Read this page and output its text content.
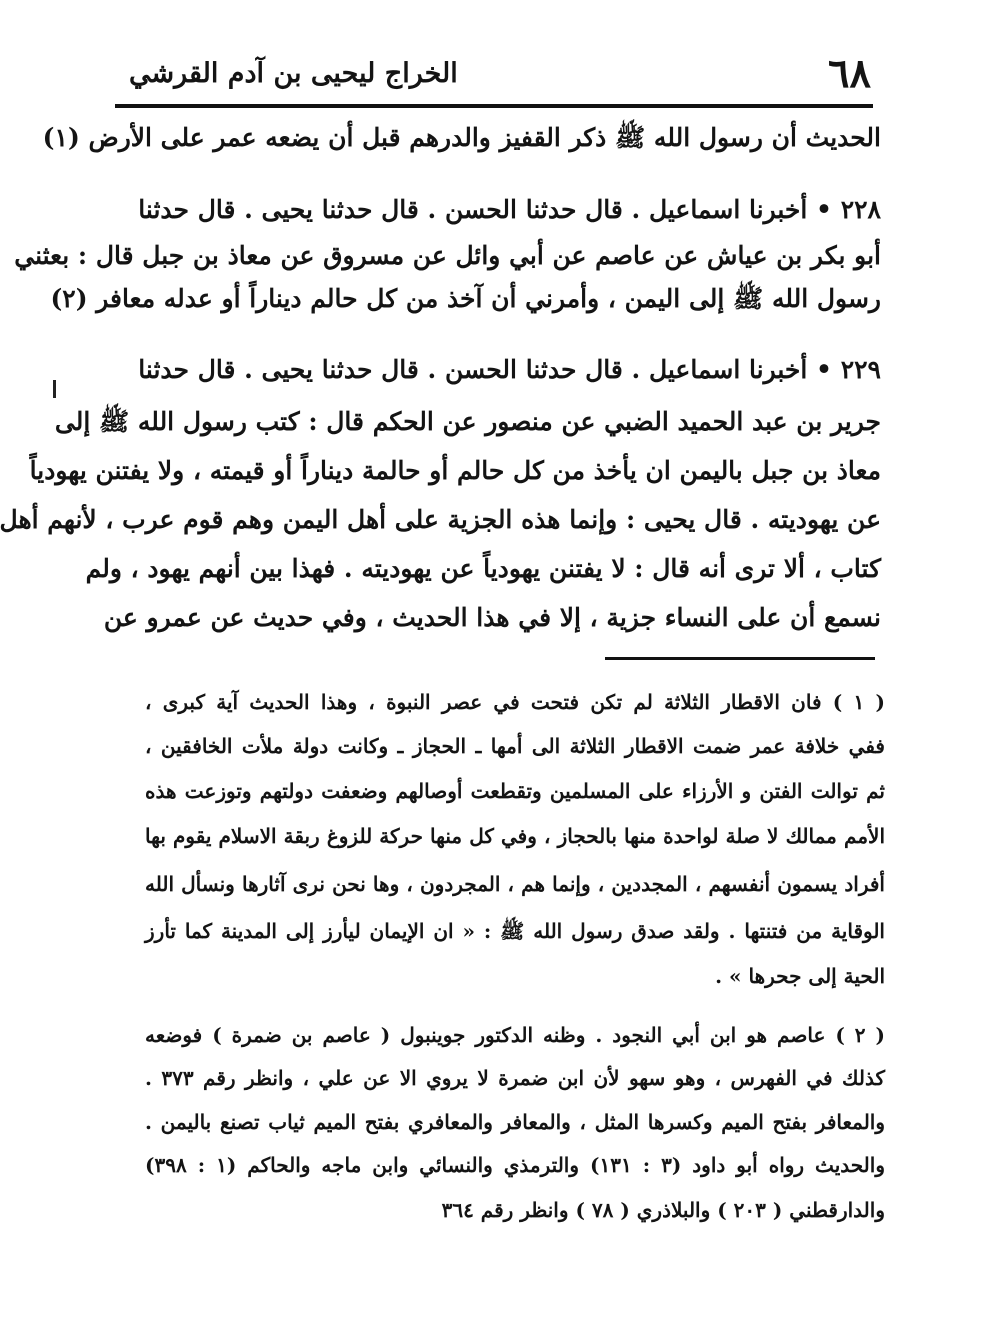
٦٨
الخراج ليحيى بن آدم القرشي
الحديث أن رسول الله ﷺ ذكر القفيز والدرهم قبل أن يضعه عمر على الأرض (١)
٢٢٨ • أخبرنا اسماعيل . قال حدثنا الحسن . قال حدثنا يحيى . قال حدثنا
أبو بكر بن عياش عن عاصم عن أبي وائل عن مسروق عن معاذ بن جبل قال : بعثني
رسول الله ﷺ إلى اليمن ، وأمرني أن آخذ من كل حالم ديناراً أو عدله معافر (٢)
٢٢٩ • أخبرنا اسماعيل . قال حدثنا الحسن . قال حدثنا يحيى . قال حدثنا
جرير بن عبد الحميد الضبي عن منصور عن الحكم قال : كتب رسول الله ﷺ إلى
معاذ بن جبل باليمن ان يأخذ من كل حالم أو حالمة ديناراً أو قيمته ، ولا يفتنن يهودياً
عن يهوديته . قال يحيى : وإنما هذه الجزية على أهل اليمن وهم قوم عرب ، لأنهم أهل
كتاب ، ألا ترى أنه قال : لا يفتنن يهودياً عن يهوديته . فهذا بين أنهم يهود ، ولم
نسمع أن على النساء جزية ، إلا في هذا الحديث ، وفي حديث عن عمرو عن
( ١ ) فان الاقطار الثلاثة لم تكن فتحت في عصر النبوة ، وهذا الحديث آية كبرى ،
ففي خلافة عمر ضمت الاقطار الثلاثة الى أمها ـ الحجاز ـ وكانت دولة ملأت الخافقين ،
ثم توالت الفتن و الأرزاء على المسلمين وتقطعت أوصالهم وضعفت دولتهم وتوزعت هذه
الأمم ممالك لا صلة لواحدة منها بالحجاز ، وفي كل منها حركة للزوغ ربقة الاسلام يقوم بها
أفراد يسمون أنفسهم ، المجددين ، وإنما هم ، المجردون ، وها نحن نرى آثارها ونسأل الله
الوقاية من فتنتها . ولقد صدق رسول الله ﷺ : « ان الإيمان ليأرز إلى المدينة كما تأرز
الحية إلى جحرها » .
( ٢ ) عاصم هو ابن أبي النجود . وظنه الدكتور جوينبول ( عاصم بن ضمرة ) فوضعه
كذلك في الفهرس ، وهو سهو لأن ابن ضمرة لا يروي الا عن علي ، وانظر رقم ٣٧٣ .
والمعافر بفتح الميم وكسرها المثل ، والمعافر والمعافري بفتح الميم ثياب تصنع باليمن .
والحديث رواه أبو داود (٣ : ١٣١) والترمذي والنسائي وابن ماجه والحاكم (١ : ٣٩٨)
والدارقطني ( ٢٠٣ ) والبلاذري ( ٧٨ ) وانظر رقم ٣٦٤
